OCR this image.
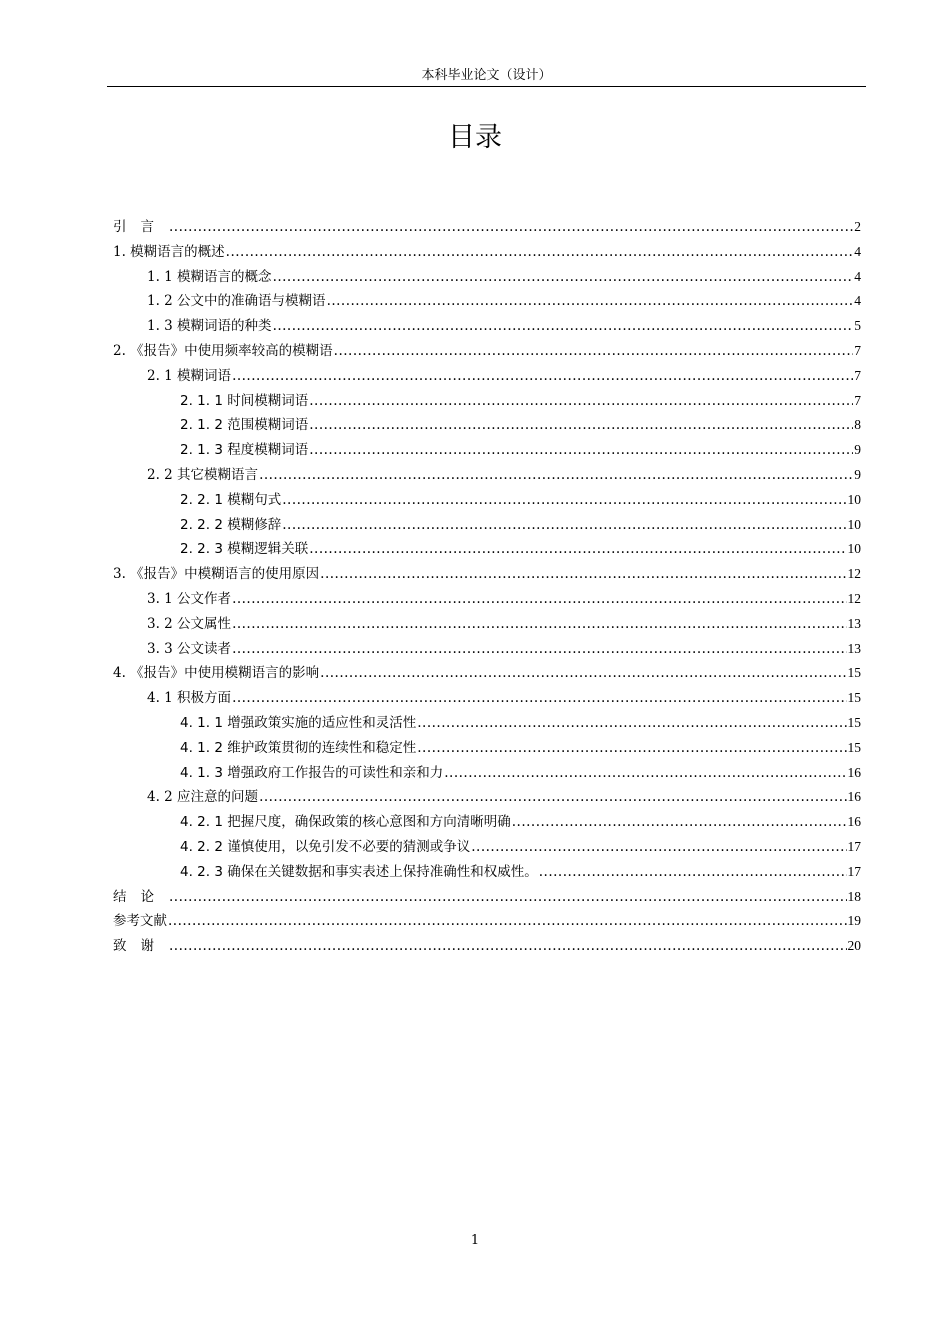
本科毕业论文（设计）
目录
引言 .....	2
1. 模糊语言的概述 .....	4
1. 1 模糊语言的概念 .....	4
1. 2 公文中的准确语与模糊语 .....	4
1. 3 模糊词语的种类 .....	5
2. 《报告》中使用频率较高的模糊语 .....	7
2. 1 模糊词语 .....	7
2. 1. 1 时间模糊词语 .....	7
2. 1. 2 范围模糊词语 .....	8
2. 1. 3 程度模糊词语 .....	9
2. 2 其它模糊语言 .....	9
2. 2. 1 模糊句式 .....	10
2. 2. 2 模糊修辞 .....	10
2. 2. 3 模糊逻辑关联 .....	10
3. 《报告》中模糊语言的使用原因 .....	12
3. 1 公文作者 .....	12
3. 2 公文属性 .....	13
3. 3 公文读者 .....	13
4. 《报告》中使用模糊语言的影响 .....	15
4. 1 积极方面 .....	15
4. 1. 1 增强政策实施的适应性和灵活性 .....	15
4. 1. 2 维护政策贯彻的连续性和稳定性 .....	15
4. 1. 3 增强政府工作报告的可读性和亲和力 .....	16
4. 2 应注意的问题 .....	16
4. 2. 1 把握尺度，确保政策的核心意图和方向清晰明确 .....	16
4. 2. 2 谨慎使用，以免引发不必要的猜测或争议 .....	17
4. 2. 3 确保在关键数据和事实表述上保持准确性和权威性。 .....	17
结论 .....	18
参考文献 .....	19
致谢 .....	20
1
